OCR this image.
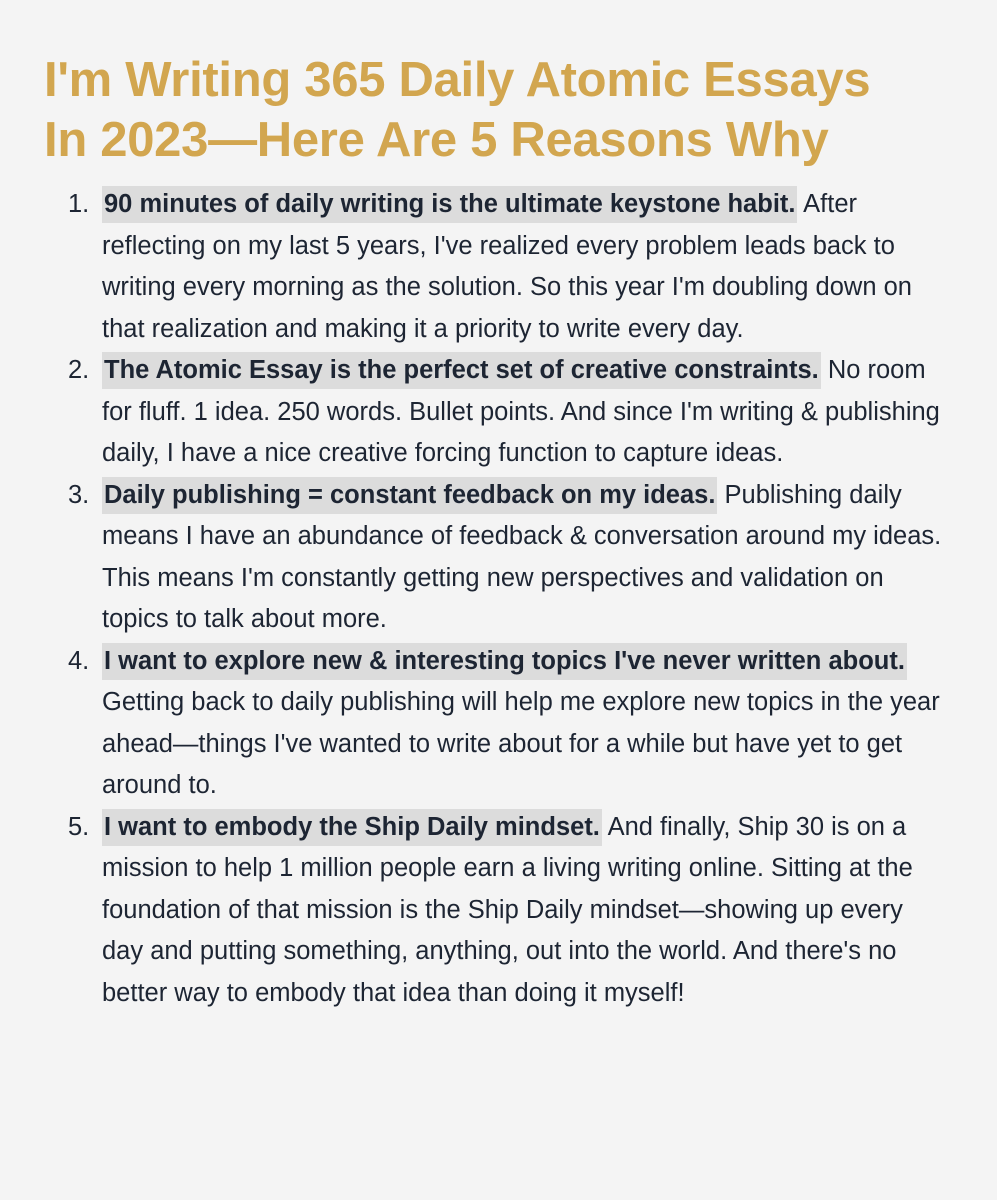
I'm Writing 365 Daily Atomic Essays
In 2023—Here Are 5 Reasons Why
1. 90 minutes of daily writing is the ultimate keystone habit. After reflecting on my last 5 years, I've realized every problem leads back to writing every morning as the solution. So this year I'm doubling down on that realization and making it a priority to write every day.
2. The Atomic Essay is the perfect set of creative constraints. No room for fluff. 1 idea. 250 words. Bullet points. And since I'm writing & publishing daily, I have a nice creative forcing function to capture ideas.
3. Daily publishing = constant feedback on my ideas. Publishing daily means I have an abundance of feedback & conversation around my ideas. This means I'm constantly getting new perspectives and validation on topics to talk about more.
4. I want to explore new & interesting topics I've never written about. Getting back to daily publishing will help me explore new topics in the year ahead—things I've wanted to write about for a while but have yet to get around to.
5. I want to embody the Ship Daily mindset. And finally, Ship 30 is on a mission to help 1 million people earn a living writing online. Sitting at the foundation of that mission is the Ship Daily mindset—showing up every day and putting something, anything, out into the world. And there's no better way to embody that idea than doing it myself!
